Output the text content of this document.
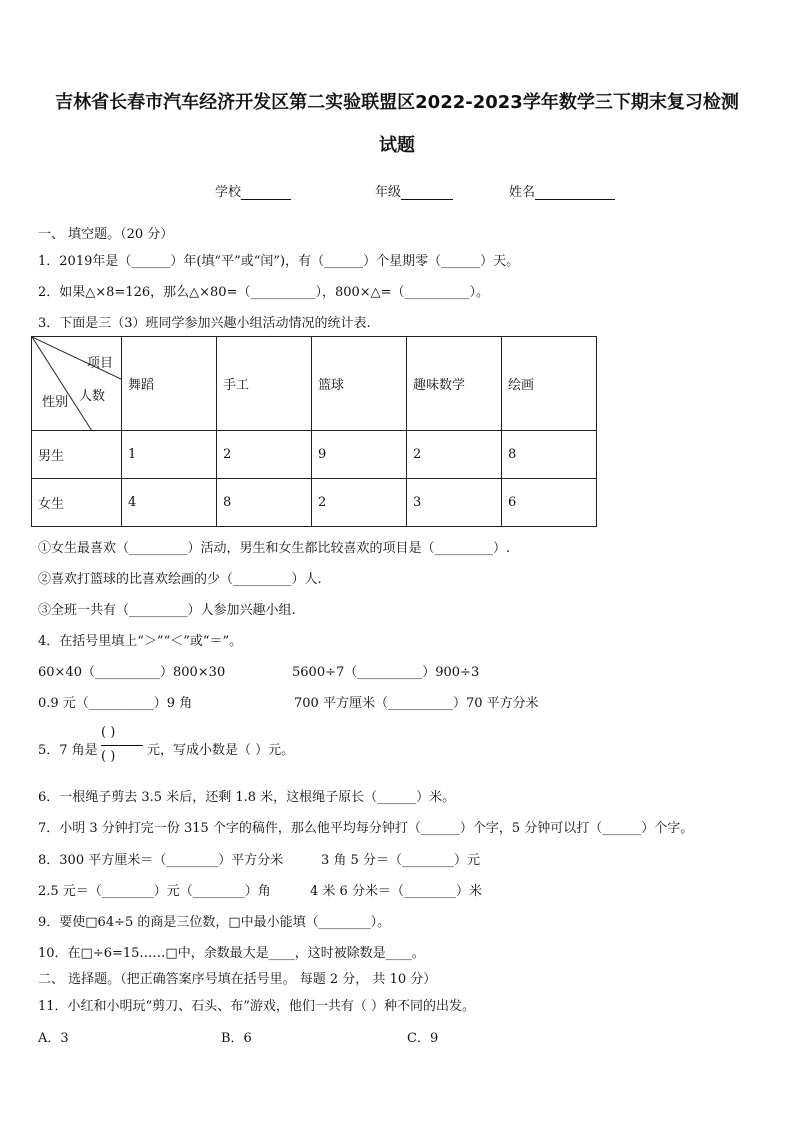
吉林省长春市汽车经济开发区第二实验联盟区2022-2023学年数学三下期末复习检测
试题
学校	年级	姓名
一、 填空题。（20 分）
1．2019年是（______）年(填“平”或“闰”)，有（______）个星期零（______）天。
2．如果△×8=126，那么△×80=（__________），800×△=（__________）。
3．下面是三（3）班同学参加兴趣小组活动情况的统计表.
项目
人数
性别	舞蹈	手工	篮球	趣味数学	绘画
男生	1	2	9	2	8
女生	4	8	2	3	6
①女生最喜欢（_________）活动，男生和女生都比较喜欢的项目是（_________）.
②喜欢打篮球的比喜欢绘画的少（_________）人.
③全班一共有（_________）人参加兴趣小组.
4．在括号里填上“＞”“＜”或“＝”。
60×40（__________）800×30	5600÷7（__________）900÷3
0.9 元（__________）9 角	700 平方厘米（__________）70 平方分米
5．7 角是
( )
( ) 元，写成小数是（ ）元。
6．一根绳子剪去 3.5 米后，还剩 1.8 米，这根绳子原长（______）米。
7．小明 3 分钟打完一份 315 个字的稿件，那么他平均每分钟打（______）个字，5 分钟可以打（______）个字。
8．300 平方厘米＝（________）平方分米	3 角 5 分＝（________）元
2.5 元＝（________）元（________）角	4 米 6 分米＝（________）米
9．要使□64÷5 的商是三位数，□中最小能填（________）。
10．在□÷6=15……□中，余数最大是____，这时被除数是____。
二、 选择题。（把正确答案序号填在括号里。 每题 2 分， 共 10 分）
11．小红和小明玩“剪刀、石头、布”游戏，他们一共有（ ）种不同的出发。
A．3	B．6	C．9
